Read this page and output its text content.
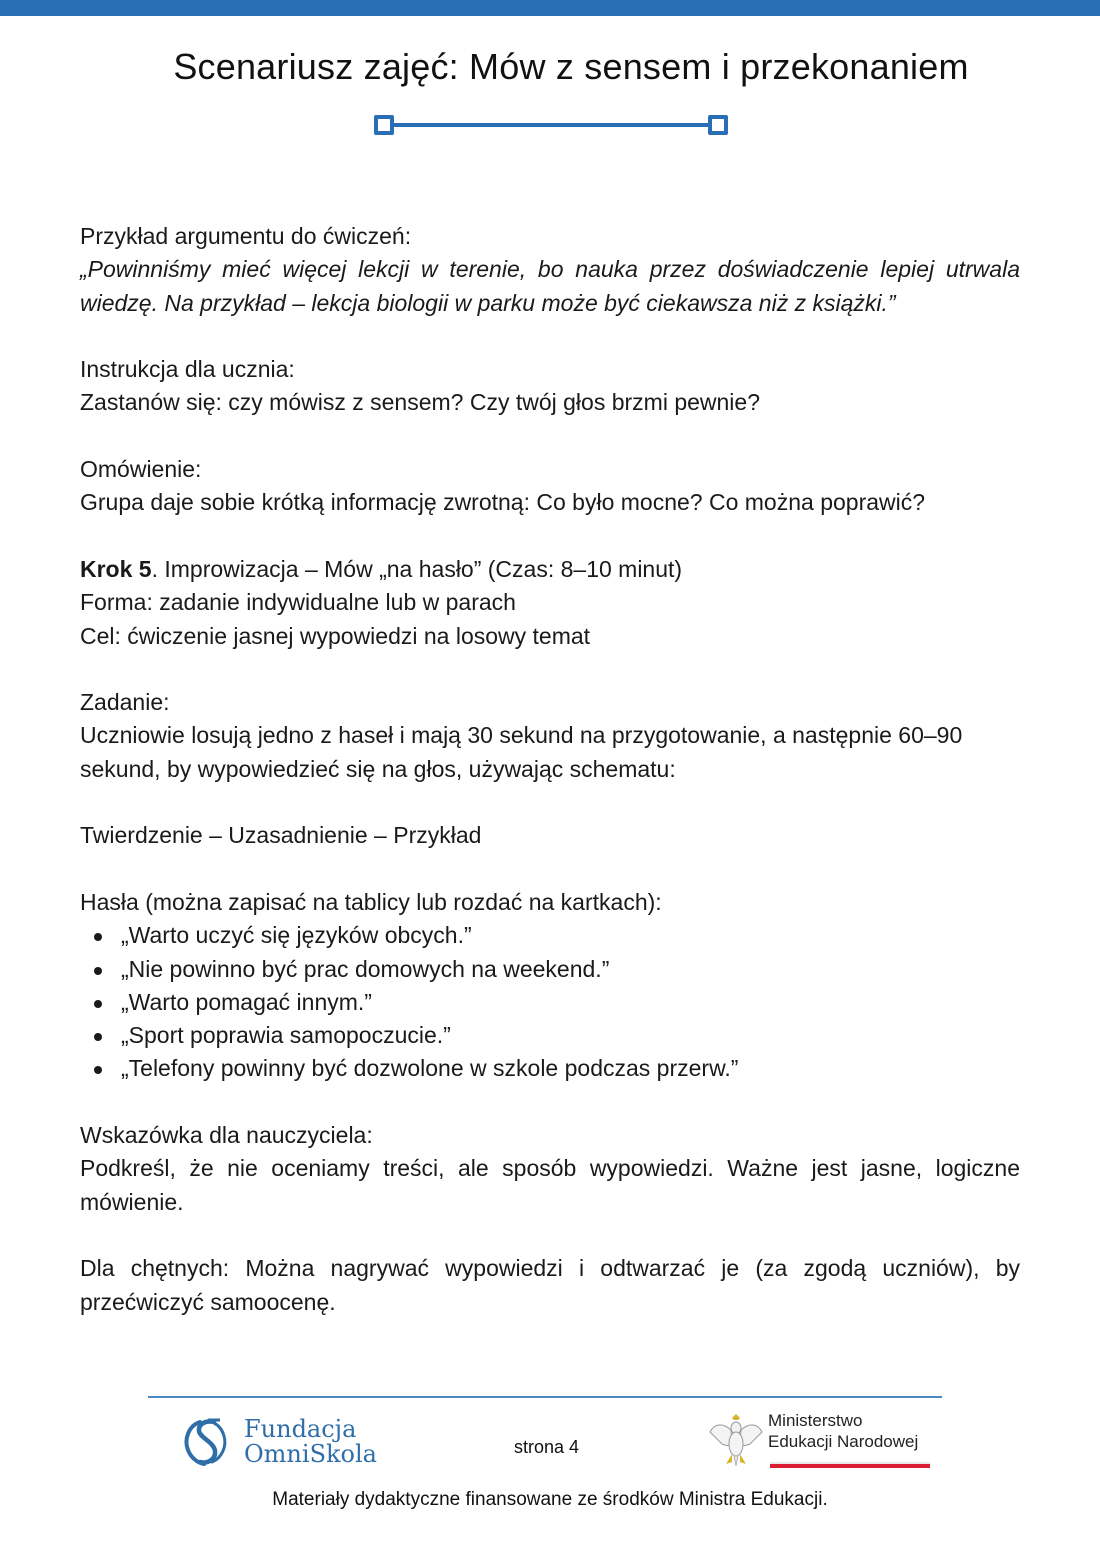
Scenariusz zajęć: Mów z sensem i przekonaniem

Przykład argumentu do ćwiczeń:

„Powinniśmy mieć więcej lekcji w terenie, bo nauka przez doświadczenie lepiej utrwala wiedzę. Na przykład – lekcja biologii w parku może być ciekawsza niż z książki.”

Instrukcja dla ucznia:

Zastanów się: czy mówisz z sensem? Czy twój głos brzmi pewnie?

Omówienie:

Grupa daje sobie krótką informację zwrotną: Co było mocne? Co można poprawić?

Krok 5. Improwizacja – Mów „na hasło” (Czas: 8–10 minut)

Forma: zadanie indywidualne lub w parach

Cel: ćwiczenie jasnej wypowiedzi na losowy temat

Zadanie:

Uczniowie losują jedno z haseł i mają 30 sekund na przygotowanie, a następnie 60–90 sekund, by wypowiedzieć się na głos, używając schematu:

Twierdzenie – Uzasadnienie – Przykład

Hasła (można zapisać na tablicy lub rozdać na kartkach):

„Warto uczyć się języków obcych.”
„Nie powinno być prac domowych na weekend.”
„Warto pomagać innym.”
„Sport poprawia samopoczucie.”
„Telefony powinny być dozwolone w szkole podczas przerw.”

Wskazówka dla nauczyciela:

Podkreśl, że nie oceniamy treści, ale sposób wypowiedzi. Ważne jest jasne, logiczne mówienie.

Dla chętnych: Można nagrywać wypowiedzi i odtwarzać je (za zgodą uczniów), by przećwiczyć samoocenę.

Fundacja
OmniSkola	strona 4
Ministerstwo
Edukacji Narodowej
Materiały dydaktyczne finansowane ze środków Ministra Edukacji.
